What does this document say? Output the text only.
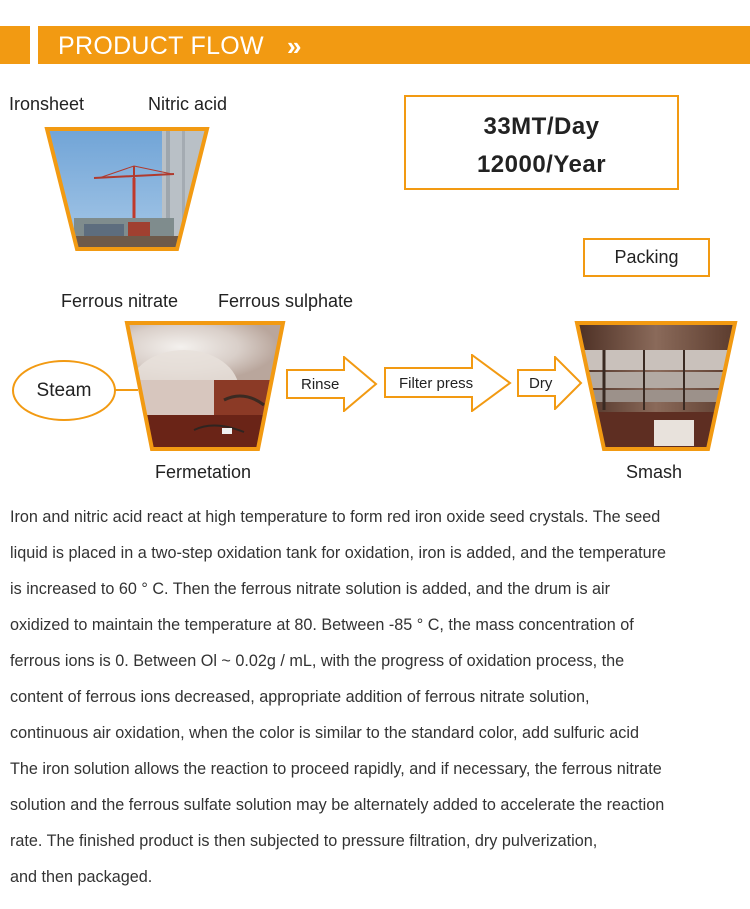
PRODUCT FLOW »
Ironsheet	Nitric acid
33MT/Day
12000/Year
Packing
Ferrous nitrate Ferrous sulphate
Steam	Rinse	Filter press	Dry
Fermetation	Smash
Iron and nitric acid react at high temperature to form red iron oxide seed crystals. The seed
liquid is placed in a two-step oxidation tank for oxidation, iron is added, and the temperature
is increased to 60 ° C. Then the ferrous nitrate solution is added, and the drum is air
oxidized to maintain the temperature at 80. Between -85 ° C, the mass concentration of
ferrous ions is 0. Between Ol ~ 0.02g / mL, with the progress of oxidation process, the
content of ferrous ions decreased, appropriate addition of ferrous nitrate solution,
continuous air oxidation, when the color is similar to the standard color, add sulfuric acid
The iron solution allows the reaction to proceed rapidly, and if necessary, the ferrous nitrate
solution and the ferrous sulfate solution may be alternately added to accelerate the reaction
rate. The finished product is then subjected to pressure filtration, dry pulverization,
and then packaged.
